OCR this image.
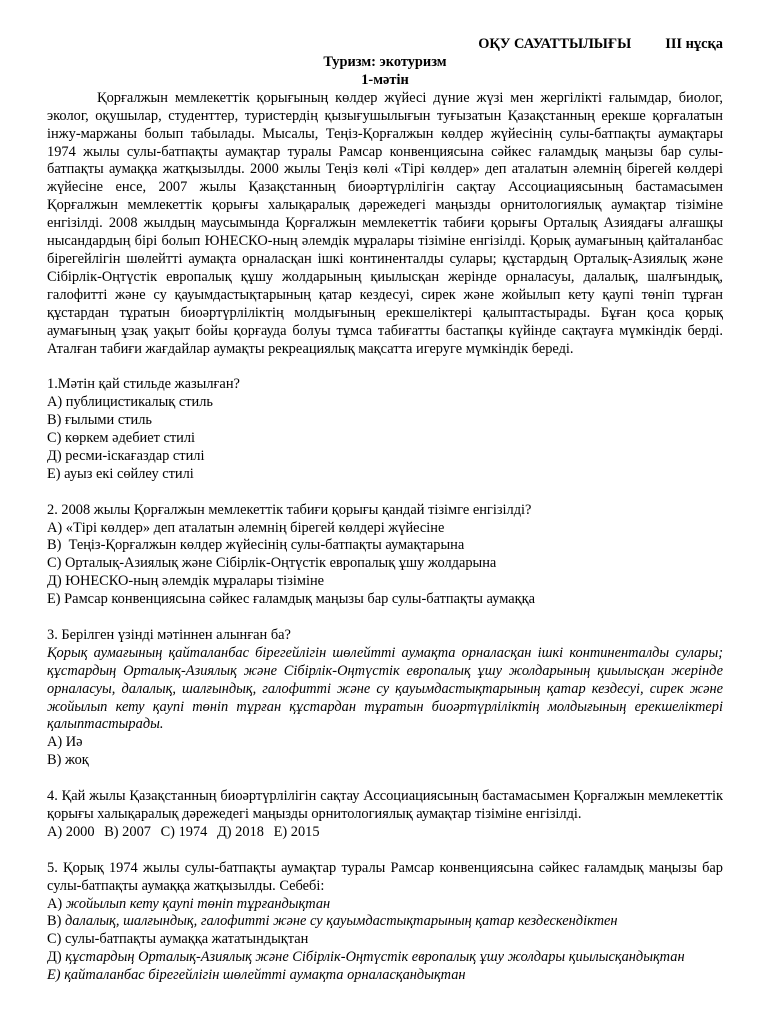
ОҚУ САУАТТЫЛЫҒЫ III нұсқа
Туризм: экотуризм
1-мәтін
Қорғалжын мемлекеттік қорығының көлдер жүйесі дүние жүзі мен жергілікті ғалымдар, биолог, эколог, оқушылар, студенттер, туристердің қызығушылығын туғызатын Қазақстанның ерекше қорғалатын інжу-маржаны болып табылады. Мысалы, Теңіз-Қорғалжын көлдер жүйесінің сулы-батпақты аумақтары 1974 жылы сулы-батпақты аумақтар туралы Рамсар конвенциясына сәйкес ғаламдық маңызы бар сулы-батпақты аумаққа жатқызылды. 2000 жылы Теңіз көлі «Тірі көлдер» деп аталатын әлемнің бірегей көлдері жүйесіне енсе, 2007 жылы Қазақстанның биоәртүрлілігін сақтау Ассоциациясының бастамасымен Қорғалжын мемлекеттік қорығы халықаралық дәрежедегі маңызды орнитологиялық аумақтар тізіміне енгізілді. 2008 жылдың маусымында Қорғалжын мемлекеттік табиғи қорығы Орталық Азиядағы алғашқы нысандардың бірі болып ЮНЕСКО-ның әлемдік мұралары тізіміне енгізілді. Қорық аумағының қайталанбас бірегейлігін шөлейтті аумақта орналасқан ішкі континенталды сулары; құстардың Орталық-Азиялық және Сібірлік-Оңтүстік европалық құшу жолдарының қиылысқан жерінде орналасуы, далалық, шалғындық, галофитті және су қауымдастықтарының қатар кездесуі, сирек және жойылып кету қаупі төніп тұрған құстардан тұратын биоәртүрліліктің молдығының ерекшеліктері қалыптастырады. Бұған қоса қорық аумағының ұзақ уақыт бойы қорғауда болуы тұмса табиғатты бастапқы күйінде сақтауға мүмкіндік берді. Аталған табиғи жағдайлар аумақты рекреациялық мақсатта игеруге мүмкіндік береді.
1.Мәтін қай стильде жазылған?
А) публицистикалық стиль
В) ғылыми стиль
С) көркем әдебиет стилі
Д) ресми-іскағаздар стилі
Е) ауыз екі сөйлеу стилі
2. 2008 жылы Қорғалжын мемлекеттік табиғи қорығы қандай тізімге енгізілді?
А) «Тірі көлдер» деп аталатын әлемнің бірегей көлдері жүйесіне
В)  Теңіз-Қорғалжын көлдер жүйесінің сулы-батпақты аумақтарына
С) Орталық-Азиялық және Сібірлік-Оңтүстік европалық ұшу жолдарына
Д) ЮНЕСКО-ның әлемдік мұралары тізіміне
Е) Рамсар конвенциясына сәйкес ғаламдық маңызы бар сулы-батпақты аумаққа
3. Берілген үзінді мәтіннен алынған ба?
Қорық аумағының қайталанбас бірегейлігін шөлейтті аумақта орналасқан ішкі континенталды сулары; құстардың Орталық-Азиялық және Сібірлік-Оңтүстік европалық ұшу жолдарының қиылысқан жерінде орналасуы, далалық, шалғындық, галофитті және су қауымдастықтарының қатар кездесуі, сирек және жойылып кету қаупі төніп тұрған құстардан тұратын биоәртүрліліктің молдығының ерекшеліктері қалыптастырады.
А) Иә
В) жоқ
4. Қай жылы Қазақстанның биоәртүрлілігін сақтау Ассоциациясының бастамасымен Қорғалжын мемлекеттік қорығы халықаралық дәрежедегі маңызды орнитологиялық аумақтар тізіміне енгізілді.
А) 2000 В) 2007 С) 1974 Д) 2018 Е) 2015
5. Қорық 1974 жылы сулы-батпақты аумақтар туралы Рамсар конвенциясына сәйкес ғаламдық маңызы бар сулы-батпақты аумаққа жатқызылды. Себебі:
А) жойылып кету қаупі төніп тұрғандықтан
В) далалық, шалғындық, галофитті және су қауымдастықтарының қатар кездескендіктен
С) сулы-батпақты аумаққа жататындықтан
Д) құстардың Орталық-Азиялық және Сібірлік-Оңтүстік европалық ұшу жолдары қиылысқандықтан
Е) қайталанбас бірегейлігін шөлейтті аумақта орналасқандықтан
